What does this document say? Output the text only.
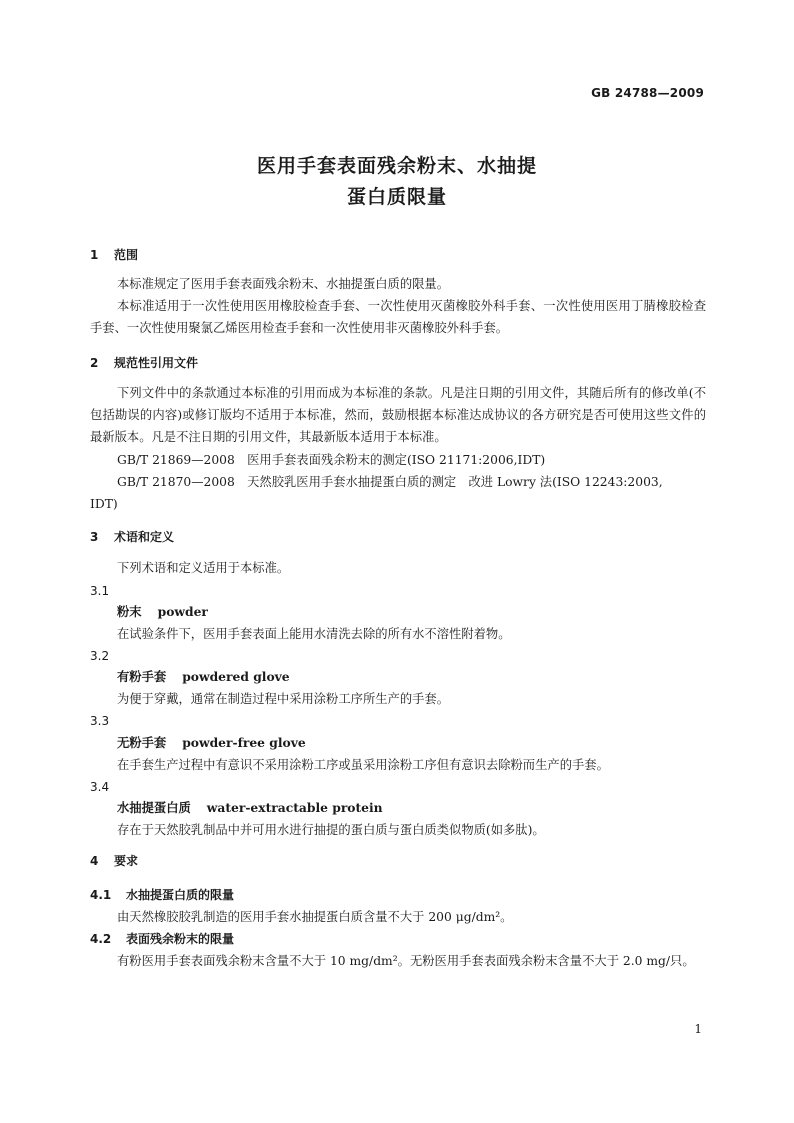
GB 24788—2009
医用手套表面残余粉末、水抽提
蛋白质限量
1 范围

本标准规定了医用手套表面残余粉末、水抽提蛋白质的限量。

本标准适用于一次性使用医用橡胶检查手套、一次性使用灭菌橡胶外科手套、一次性使用医用丁腈橡胶检查手套、一次性使用聚氯乙烯医用检查手套和一次性使用非灭菌橡胶外科手套。

2 规范性引用文件

下列文件中的条款通过本标准的引用而成为本标准的条款。凡是注日期的引用文件，其随后所有的修改单(不包括勘误的内容)或修订版均不适用于本标准，然而，鼓励根据本标准达成协议的各方研究是否可使用这些文件的最新版本。凡是不注日期的引用文件，其最新版本适用于本标准。

GB/T 21869—2008　医用手套表面残余粉末的测定(ISO 21171:2006,IDT)

GB/T 21870—2008　天然胶乳医用手套水抽提蛋白质的测定　改进 Lowry 法(ISO 12243:2003,

IDT)

3 术语和定义

下列术语和定义适用于本标准。

3.1
粉末 powder

在试验条件下，医用手套表面上能用水清洗去除的所有水不溶性附着物。

3.2
有粉手套 powdered glove

为便于穿戴，通常在制造过程中采用涂粉工序所生产的手套。

3.3
无粉手套 powder-free glove

在手套生产过程中有意识不采用涂粉工序或虽采用涂粉工序但有意识去除粉而生产的手套。

3.4
水抽提蛋白质 water-extractable protein

存在于天然胶乳制品中并可用水进行抽提的蛋白质与蛋白质类似物质(如多肽)。

4 要求
4.1 水抽提蛋白质的限量

由天然橡胶胶乳制造的医用手套水抽提蛋白质含量不大于 200 μg/dm²。

4.2 表面残余粉末的限量

有粉医用手套表面残余粉末含量不大于 10 mg/dm²。无粉医用手套表面残余粉末含量不大于 2.0 mg/只。

1
